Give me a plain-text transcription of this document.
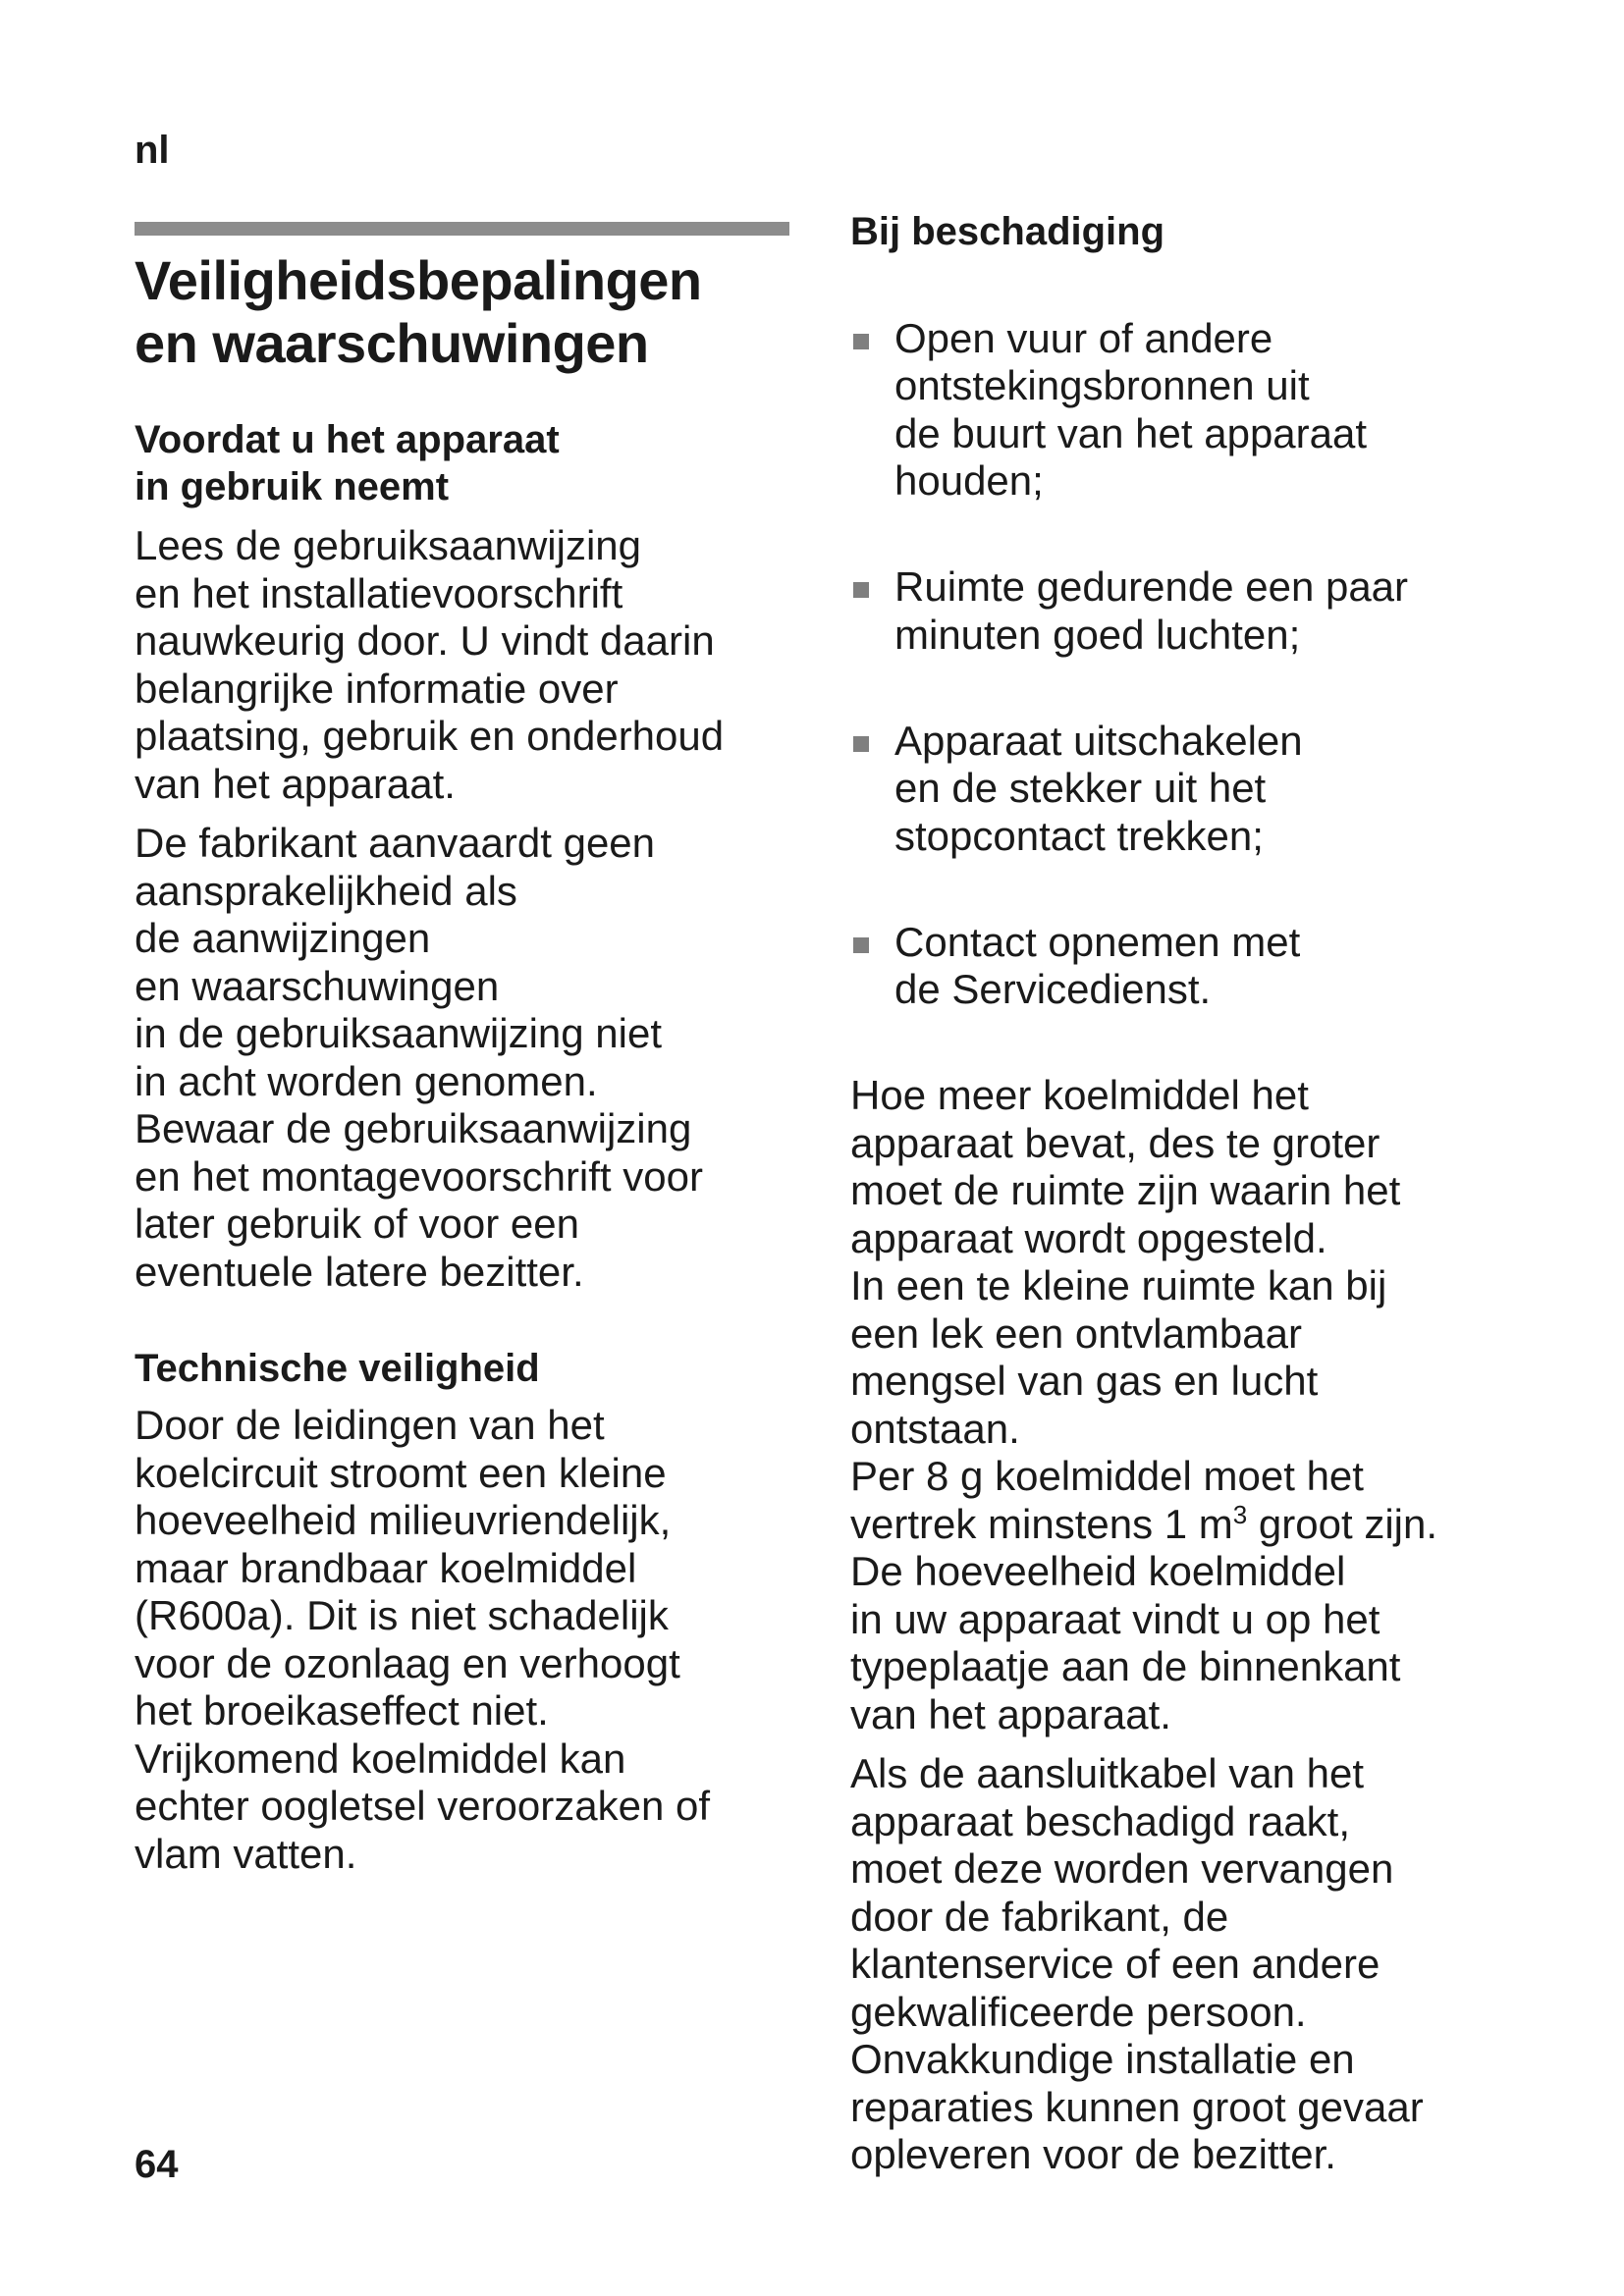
nl
Veiligheidsbepalingen
en waarschuwingen
Voordat u het apparaat
in gebruik neemt

Lees de gebruiksaanwijzing
en het installatievoorschrift
nauwkeurig door. U vindt daarin
belangrijke informatie over
plaatsing, gebruik en onderhoud
van het apparaat.

De fabrikant aanvaardt geen
aansprakelijkheid als
de aanwijzingen
en waarschuwingen
in de gebruiksaanwijzing niet
in acht worden genomen.
Bewaar de gebruiksaanwijzing
en het montagevoorschrift voor
later gebruik of voor een
eventuele latere bezitter.

Technische veiligheid

Door de leidingen van het
koelcircuit stroomt een kleine
hoeveelheid milieuvriendelijk,
maar brandbaar koelmiddel
(R600a). Dit is niet schadelijk
voor de ozonlaag en verhoogt
het broeikaseffect niet.
Vrijkomend koelmiddel kan
echter oogletsel veroorzaken of
vlam vatten.

Bij beschadiging

Open vuur of andere
ontstekingsbronnen uit
de buurt van het apparaat
houden;

Ruimte gedurende een paar
minuten goed luchten;

Apparaat uitschakelen
en de stekker uit het
stopcontact trekken;

Contact opnemen met
de Servicedienst.

Hoe meer koelmiddel het
apparaat bevat, des te groter
moet de ruimte zijn waarin het
apparaat wordt opgesteld.
In een te kleine ruimte kan bij
een lek een ontvlambaar
mengsel van gas en lucht
ontstaan.
Per 8 g koelmiddel moet het
vertrek minstens 1 $m^3$ groot zijn.
De hoeveelheid koelmiddel
in uw apparaat vindt u op het
typeplaatje aan de binnenkant
van het apparaat.

Als de aansluitkabel van het
apparaat beschadigd raakt,
moet deze worden vervangen
door de fabrikant, de
klantenservice of een andere
gekwalificeerde persoon.
Onvakkundige installatie en
reparaties kunnen groot gevaar
opleveren voor de bezitter.

64
